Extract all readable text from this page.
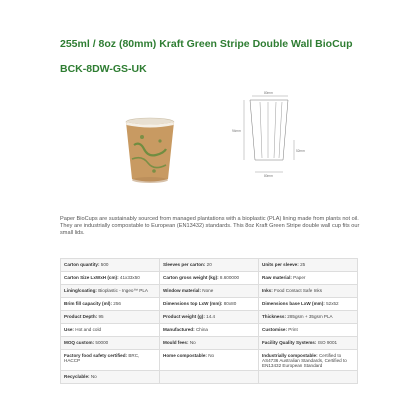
255ml / 8oz (80mm) Kraft Green Stripe Double Wall BioCup
BCK-8DW-GS-UK
80mm
94mm
52mm
80mm
Paper BioCups are sustainably sourced from managed plantations with a bioplastic (PLA) lining made from plants not oil. They are industrially compostable to European (EN13432) standards. This 8oz Kraft Green Stripe double wall cup fits our small lids.
Carton quantity: 500	Sleeves per carton: 20	Units per sleeve: 25
Carton Size LxWxH (cm): 41x33x50	Carton gross weight (kg): 8.600000	Raw material: Paper
Lining/coating: Bioplastic - Ingeo™ PLA	Window material: None	Inks: Food Contact Safe Inks
Brim fill capacity (ml): 256	Dimensions top LxW (mm): 80x80	Dimensions base LxW (mm): 52x52
Product Depth: 95	Product weight (g): 14.4	Thickness: 285gsm + 35gsm PLA
Use: Hot and cold	Manufactured: China	Customise: Print
MOQ custom: 50000	Mould fees: No	Facility Quality Systems: ISO 9001
Factory food safety certified: BRC, HACCP	Home compostable: No	Industrially compostable: Certified to AS4736 Australian Standards, Certified to EN13432 European Standard
Recyclable: No		
